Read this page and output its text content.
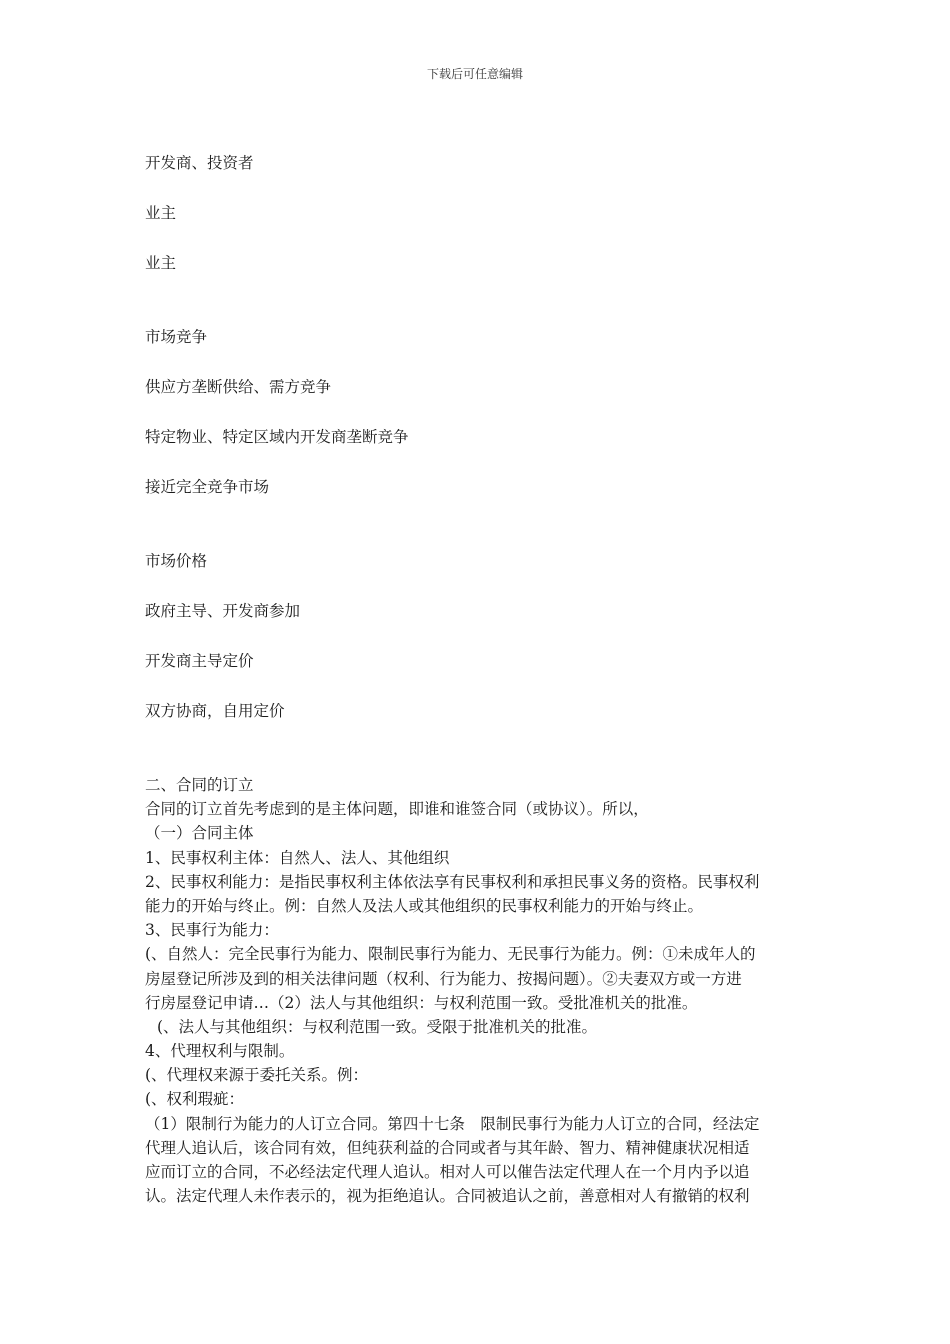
下载后可任意编辑
开发商、投资者
业主
业主
市场竞争
供应方垄断供给、需方竞争
特定物业、特定区域内开发商垄断竞争
接近完全竞争市场
市场价格
政府主导、开发商参加
开发商主导定价
双方协商，自用定价
二、合同的订立
合同的订立首先考虑到的是主体问题，即谁和谁签合同（或协议）。所以，
（一）合同主体
1、民事权利主体：自然人、法人、其他组织
2、民事权利能力：是指民事权利主体依法享有民事权利和承担民事义务的资格。民事权利
能力的开始与终止。例：自然人及法人或其他组织的民事权利能力的开始与终止。
3、民事行为能力：
(、自然人：完全民事行为能力、限制民事行为能力、无民事行为能力。例：①未成年人的
房屋登记所涉及到的相关法律问题（权利、行为能力、按揭问题）。②夫妻双方或一方进
行房屋登记申请…（2）法人与其他组织：与权利范围一致。受批准机关的批准。
(、法人与其他组织：与权利范围一致。受限于批准机关的批准。
4、代理权利与限制。
(、代理权来源于委托关系。例：
(、权利瑕疵：
（1）限制行为能力的人订立合同。第四十七条　限制民事行为能力人订立的合同，经法定
代理人追认后，该合同有效，但纯获利益的合同或者与其年龄、智力、精神健康状况相适
应而订立的合同，不必经法定代理人追认。相对人可以催告法定代理人在一个月内予以追
认。法定代理人未作表示的，视为拒绝追认。合同被追认之前，善意相对人有撤销的权利
